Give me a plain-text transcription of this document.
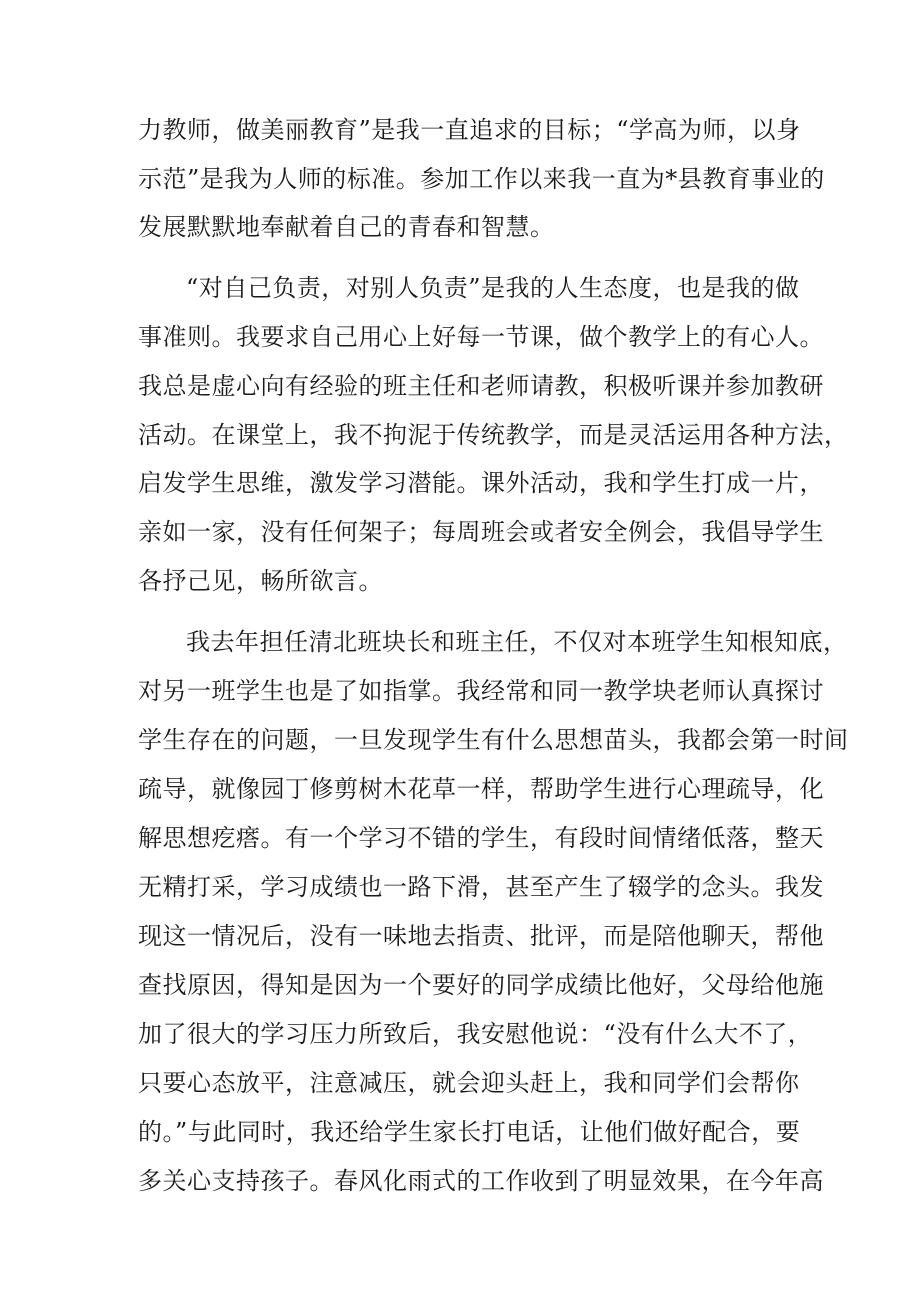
力教师，做美丽教育”是我一直追求的目标；“学高为师，以身

示范”是我为人师的标准。参加工作以来我一直为*县教育事业的

发展默默地奉献着自己的青春和智慧。

“对自己负责，对别人负责”是我的人生态度，也是我的做

事准则。我要求自己用心上好每一节课，做个教学上的有心人。

我总是虚心向有经验的班主任和老师请教，积极听课并参加教研

活动。在课堂上，我不拘泥于传统教学，而是灵活运用各种方法，

启发学生思维，激发学习潜能。课外活动，我和学生打成一片，

亲如一家，没有任何架子；每周班会或者安全例会，我倡导学生

各抒己见，畅所欲言。

我去年担任清北班块长和班主任，不仅对本班学生知根知底，

对另一班学生也是了如指掌。我经常和同一教学块老师认真探讨

学生存在的问题，一旦发现学生有什么思想苗头，我都会第一时间

疏导，就像园丁修剪树木花草一样，帮助学生进行心理疏导，化

解思想疙瘩。有一个学习不错的学生，有段时间情绪低落，整天

无精打采，学习成绩也一路下滑，甚至产生了辍学的念头。我发

现这一情况后，没有一味地去指责、批评，而是陪他聊天，帮他

查找原因，得知是因为一个要好的同学成绩比他好，父母给他施

加了很大的学习压力所致后，我安慰他说：“没有什么大不了，

只要心态放平，注意减压，就会迎头赶上，我和同学们会帮你

的。”与此同时，我还给学生家长打电话，让他们做好配合，要

多关心支持孩子。春风化雨式的工作收到了明显效果，在今年高
